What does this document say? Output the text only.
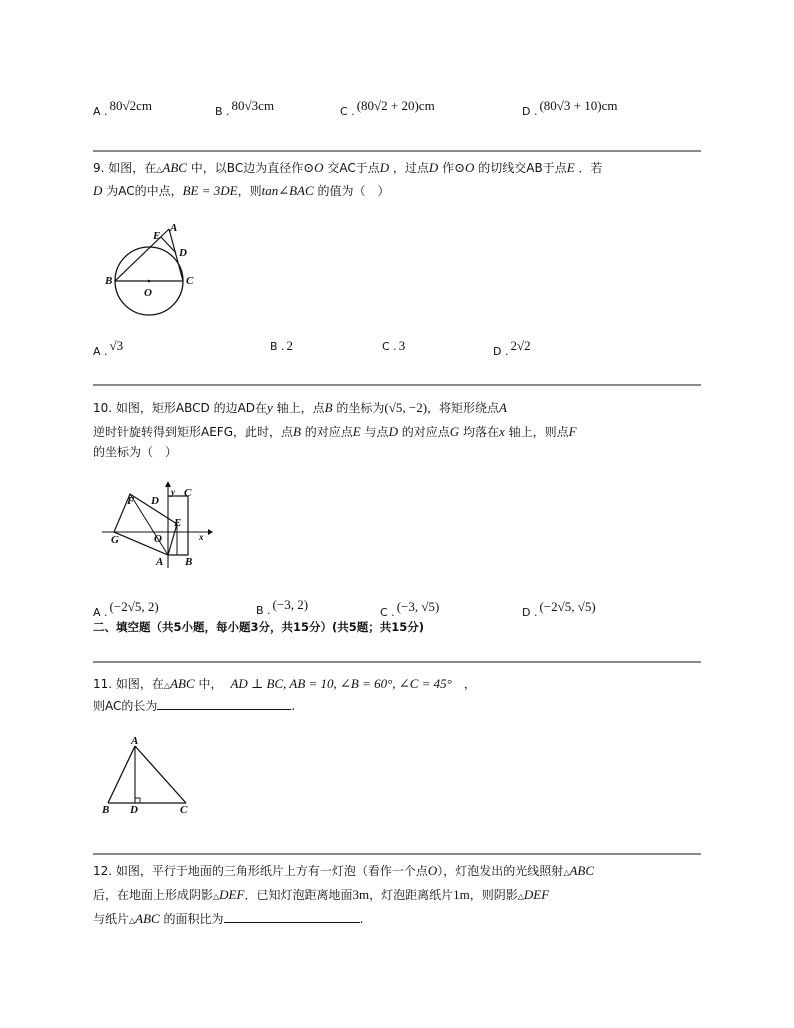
A . 80√2cm	B . 80√3cm	C . (80√2 + 20)cm	D . (80√3 + 10)cm
9. 如图，在△ABC 中，以BC边为直径作⊙O 交AC于点D ，过点D 作⊙O 的切线交AB于点E ．若
D 为AC的中点，BE = 3DE，则tan∠BAC 的值为（　）
B
O
C
E
A
D
A . √3	B . 2	C . 3	D . 2√2
10. 如图，矩形ABCD 的边AD在y 轴上，点B 的坐标为(√5, −2)，将矩形绕点A
逆时针旋转得到矩形AEFG，此时，点B 的对应点E 与点D 的对应点G 均落在x 轴上，则点F
的坐标为（　）
F D
y C
E
G	O	x
A B
A . (−2√5, 2)	B . (−3, 2)
C . (−3, √5)	D . (−2√5, √5)
二、填空题（共5小题，每小题3分，共15分）(共5题；共15分)
11. 如图，在△ABC 中， AD ⊥ BC, AB = 10, ∠B = 60°, ∠C = 45° ，
则AC的长为	.
A
B D	C
12. 如图，平行于地面的三角形纸片上方有一灯泡（看作一个点O），灯泡发出的光线照射△ABC
后，在地面上形成阴影△DEF．已知灯泡距离地面3m，灯泡距离纸片1m，则阴影△DEF
与纸片△ABC 的面积比为	.
